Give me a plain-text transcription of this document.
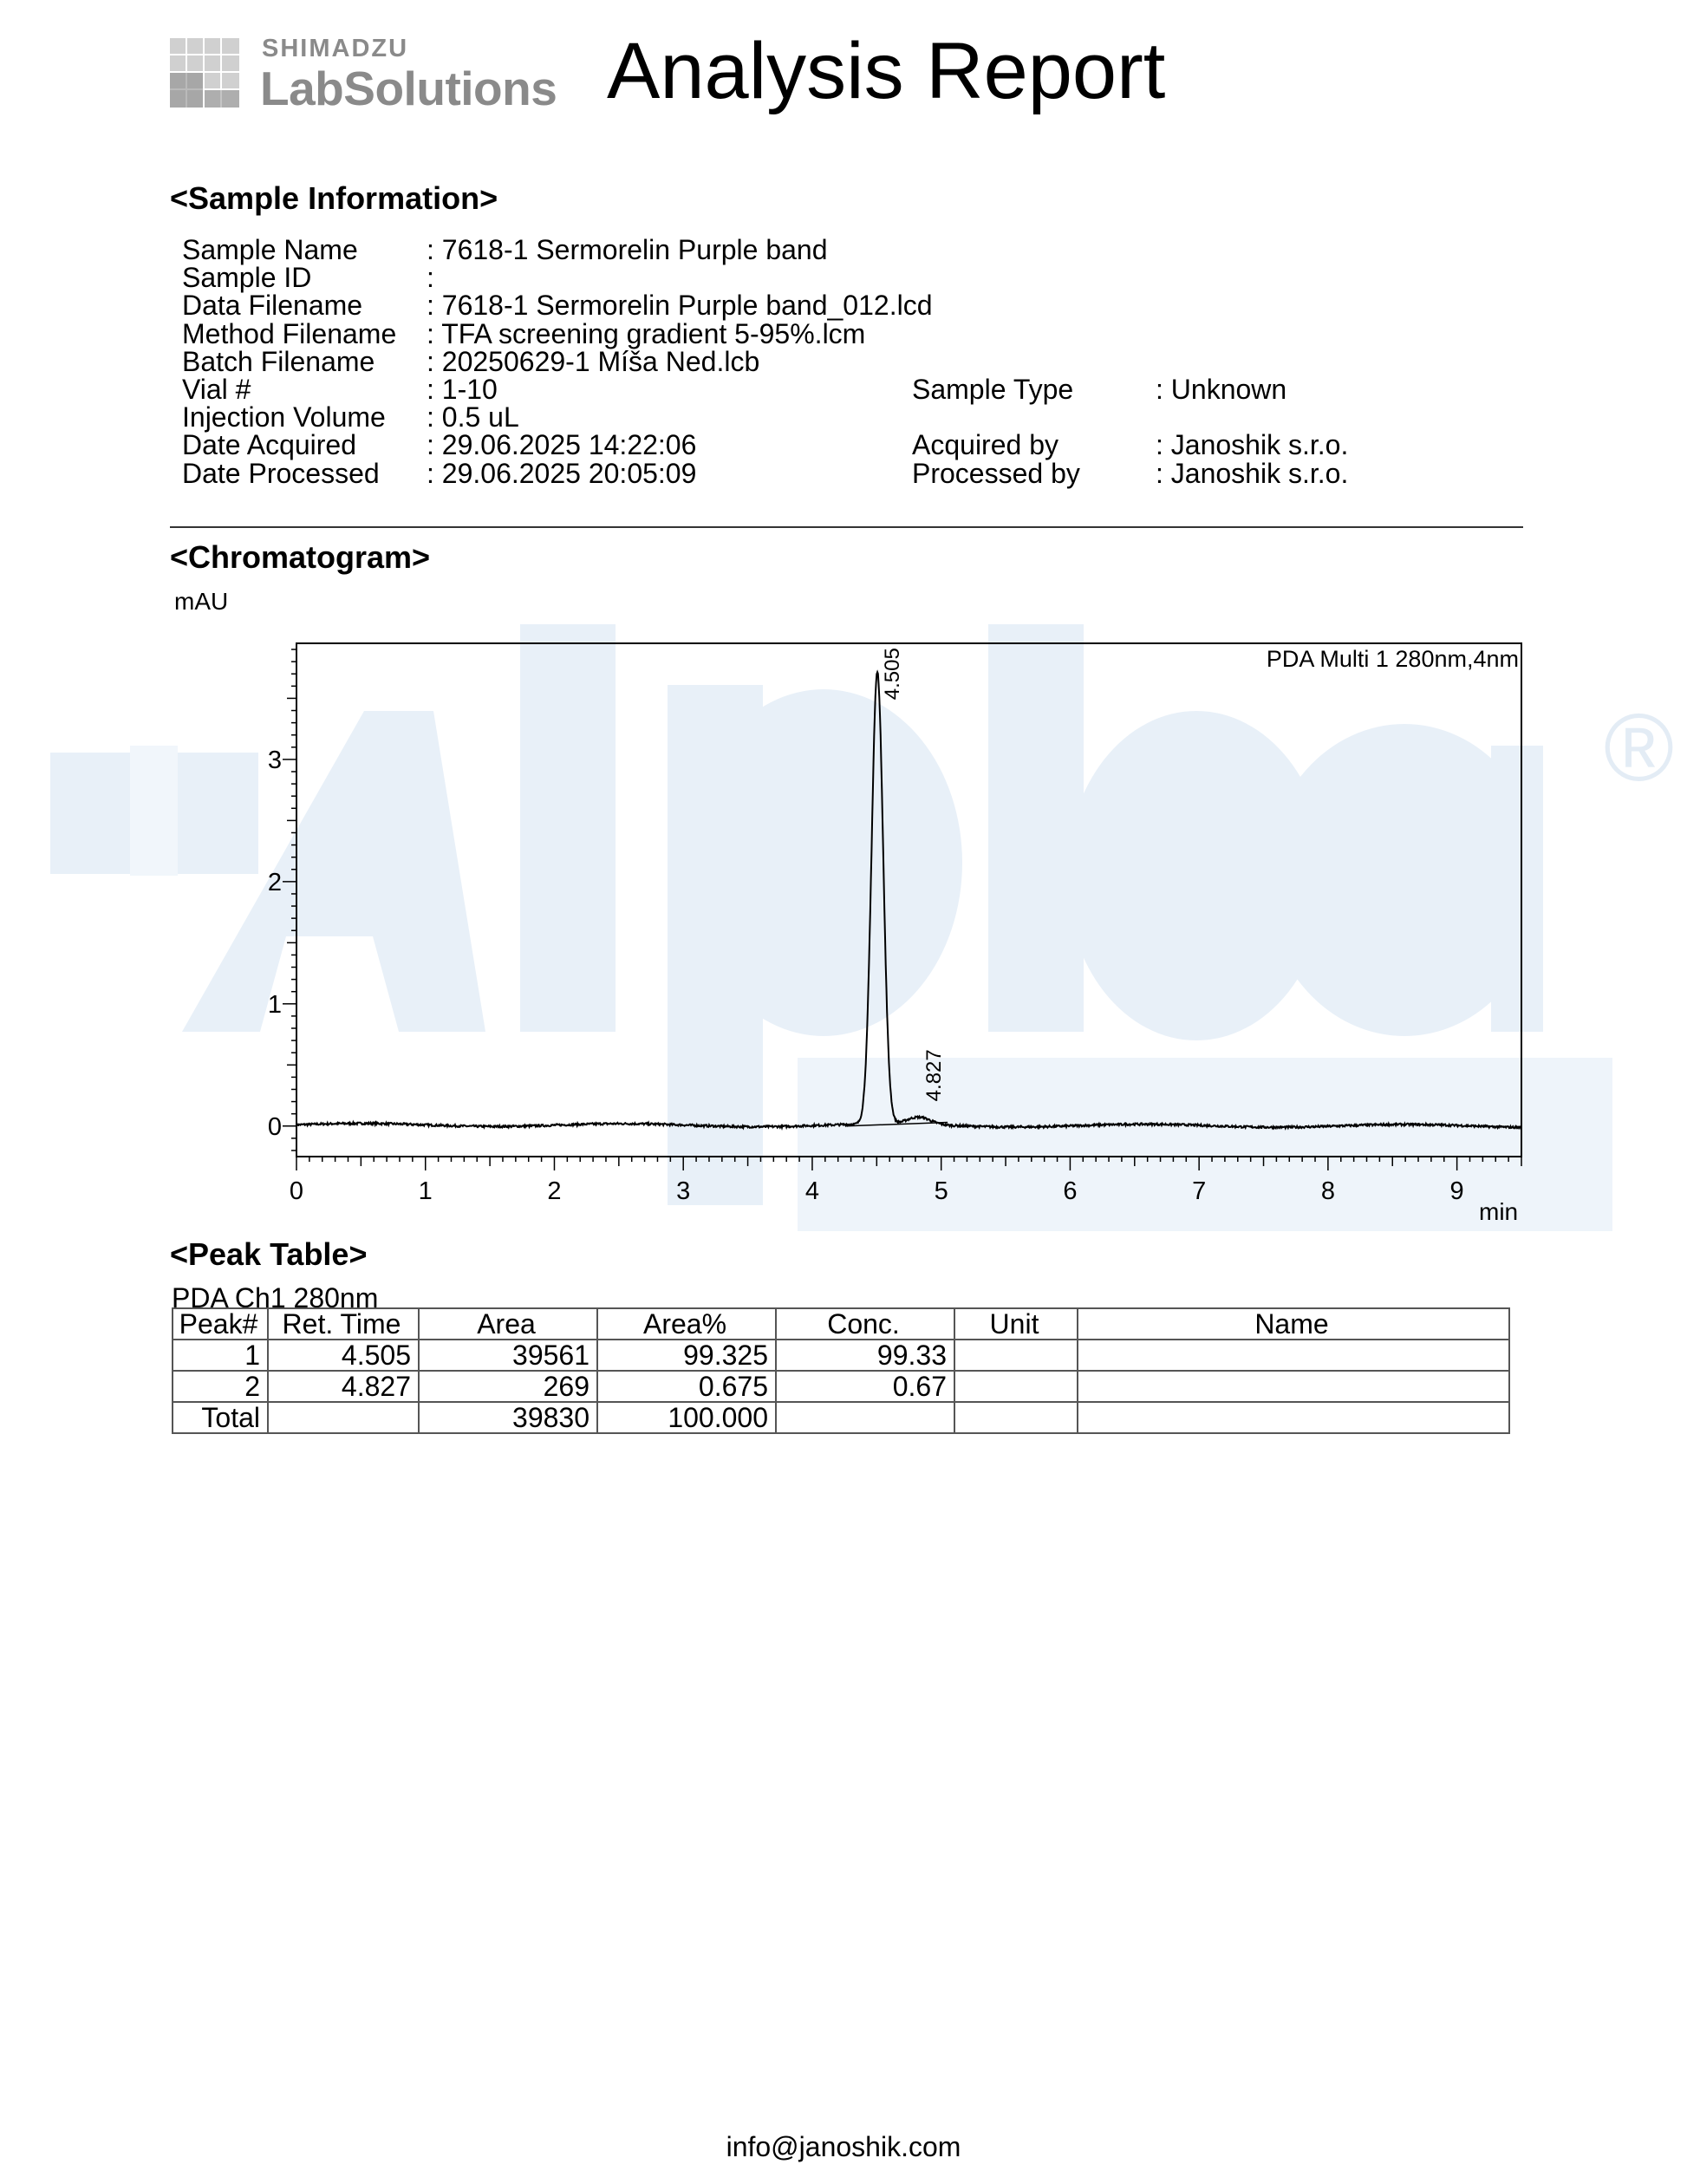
®
SHIMADZU
LabSolutions Analysis Report
<Sample Information>
Sample Name : 7618-1 Sermorelin Purple band
Sample ID	:
Data Filename : 7618-1 Sermorelin Purple band_012.lcd
Method Filename : TFA screening gradient 5-95%.lcm
Batch Filename : 20250629-1 Míša Ned.lcb
Vial #	: 1-10
Injection Volume : 0.5 uL
Date Acquired	: 29.06.2025 14:22:06
Date Processed : 29.06.2025 20:05:09
Sample Type	: Unknown
Acquired by	: Janoshik s.r.o.
Processed by	: Janoshik s.r.o.
<Chromatogram>
mAU
min
0	1	2	3	4	5	6	7	8	9
0
1
2
3
4.505
4.827
PDA Multi 1 280nm,4nm
<Peak Table>
PDA Ch1 280nm
Peak#	Ret. Time	Area	Area%	Conc.	Unit	Name
1	4.505	39561	99.325	99.33		
2	4.827	269	0.675	0.67		
Total		39830	100.000			
info@janoshik.com
